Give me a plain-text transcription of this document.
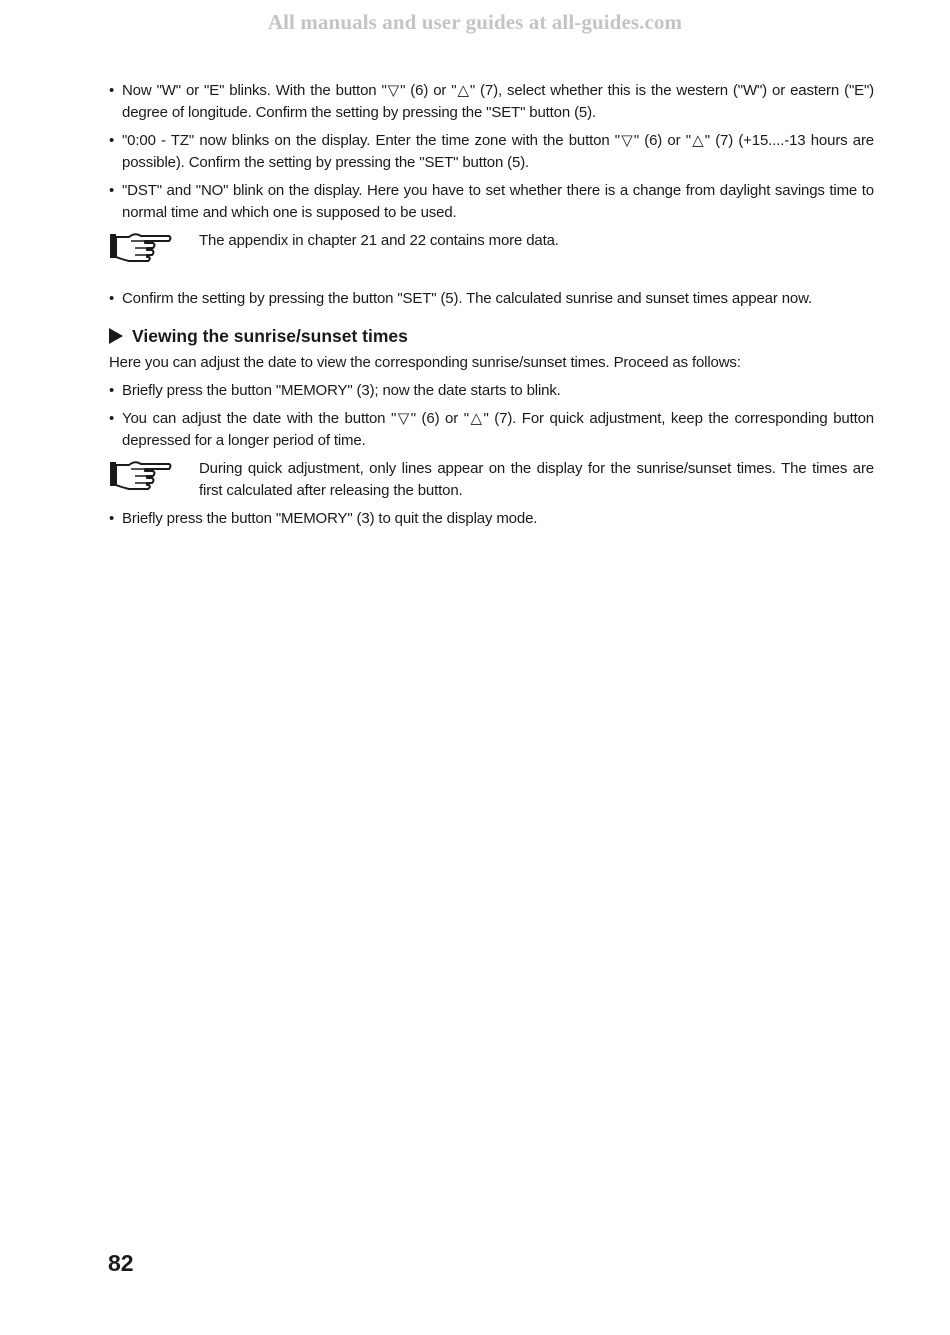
All manuals and user guides at all-guides.com
• Now "W" or "E" blinks. With the button "▽" (6) or "△" (7), select whether this is the western ("W") or eastern ("E") degree of longitude. Confirm the setting by pressing the "SET" button (5).
• "0:00 - TZ" now blinks on the display. Enter the time zone with the button "▽" (6) or "△" (7) (+15....-13 hours are possible). Confirm the setting by pressing the "SET" button (5).
• "DST" and "NO" blink on the display. Here you have to set whether there is a change from daylight savings time to normal time and which one is supposed to be used.
The appendix in chapter 21 and 22 contains more data.
• Confirm the setting by pressing the button "SET" (5). The calculated sunrise and sunset times appear now.
Viewing the sunrise/sunset times
Here you can adjust the date to view the corresponding sunrise/sunset times. Proceed as follows:
• Briefly press the button "MEMORY" (3); now the date starts to blink.
• You can adjust the date with the button "▽" (6) or "△" (7). For quick adjustment, keep the corresponding button depressed for a longer period of time.
During quick adjustment, only lines appear on the display for the sunrise/sunset times. The times are first calculated after releasing the button.
• Briefly press the button "MEMORY" (3) to quit the display mode.
82
